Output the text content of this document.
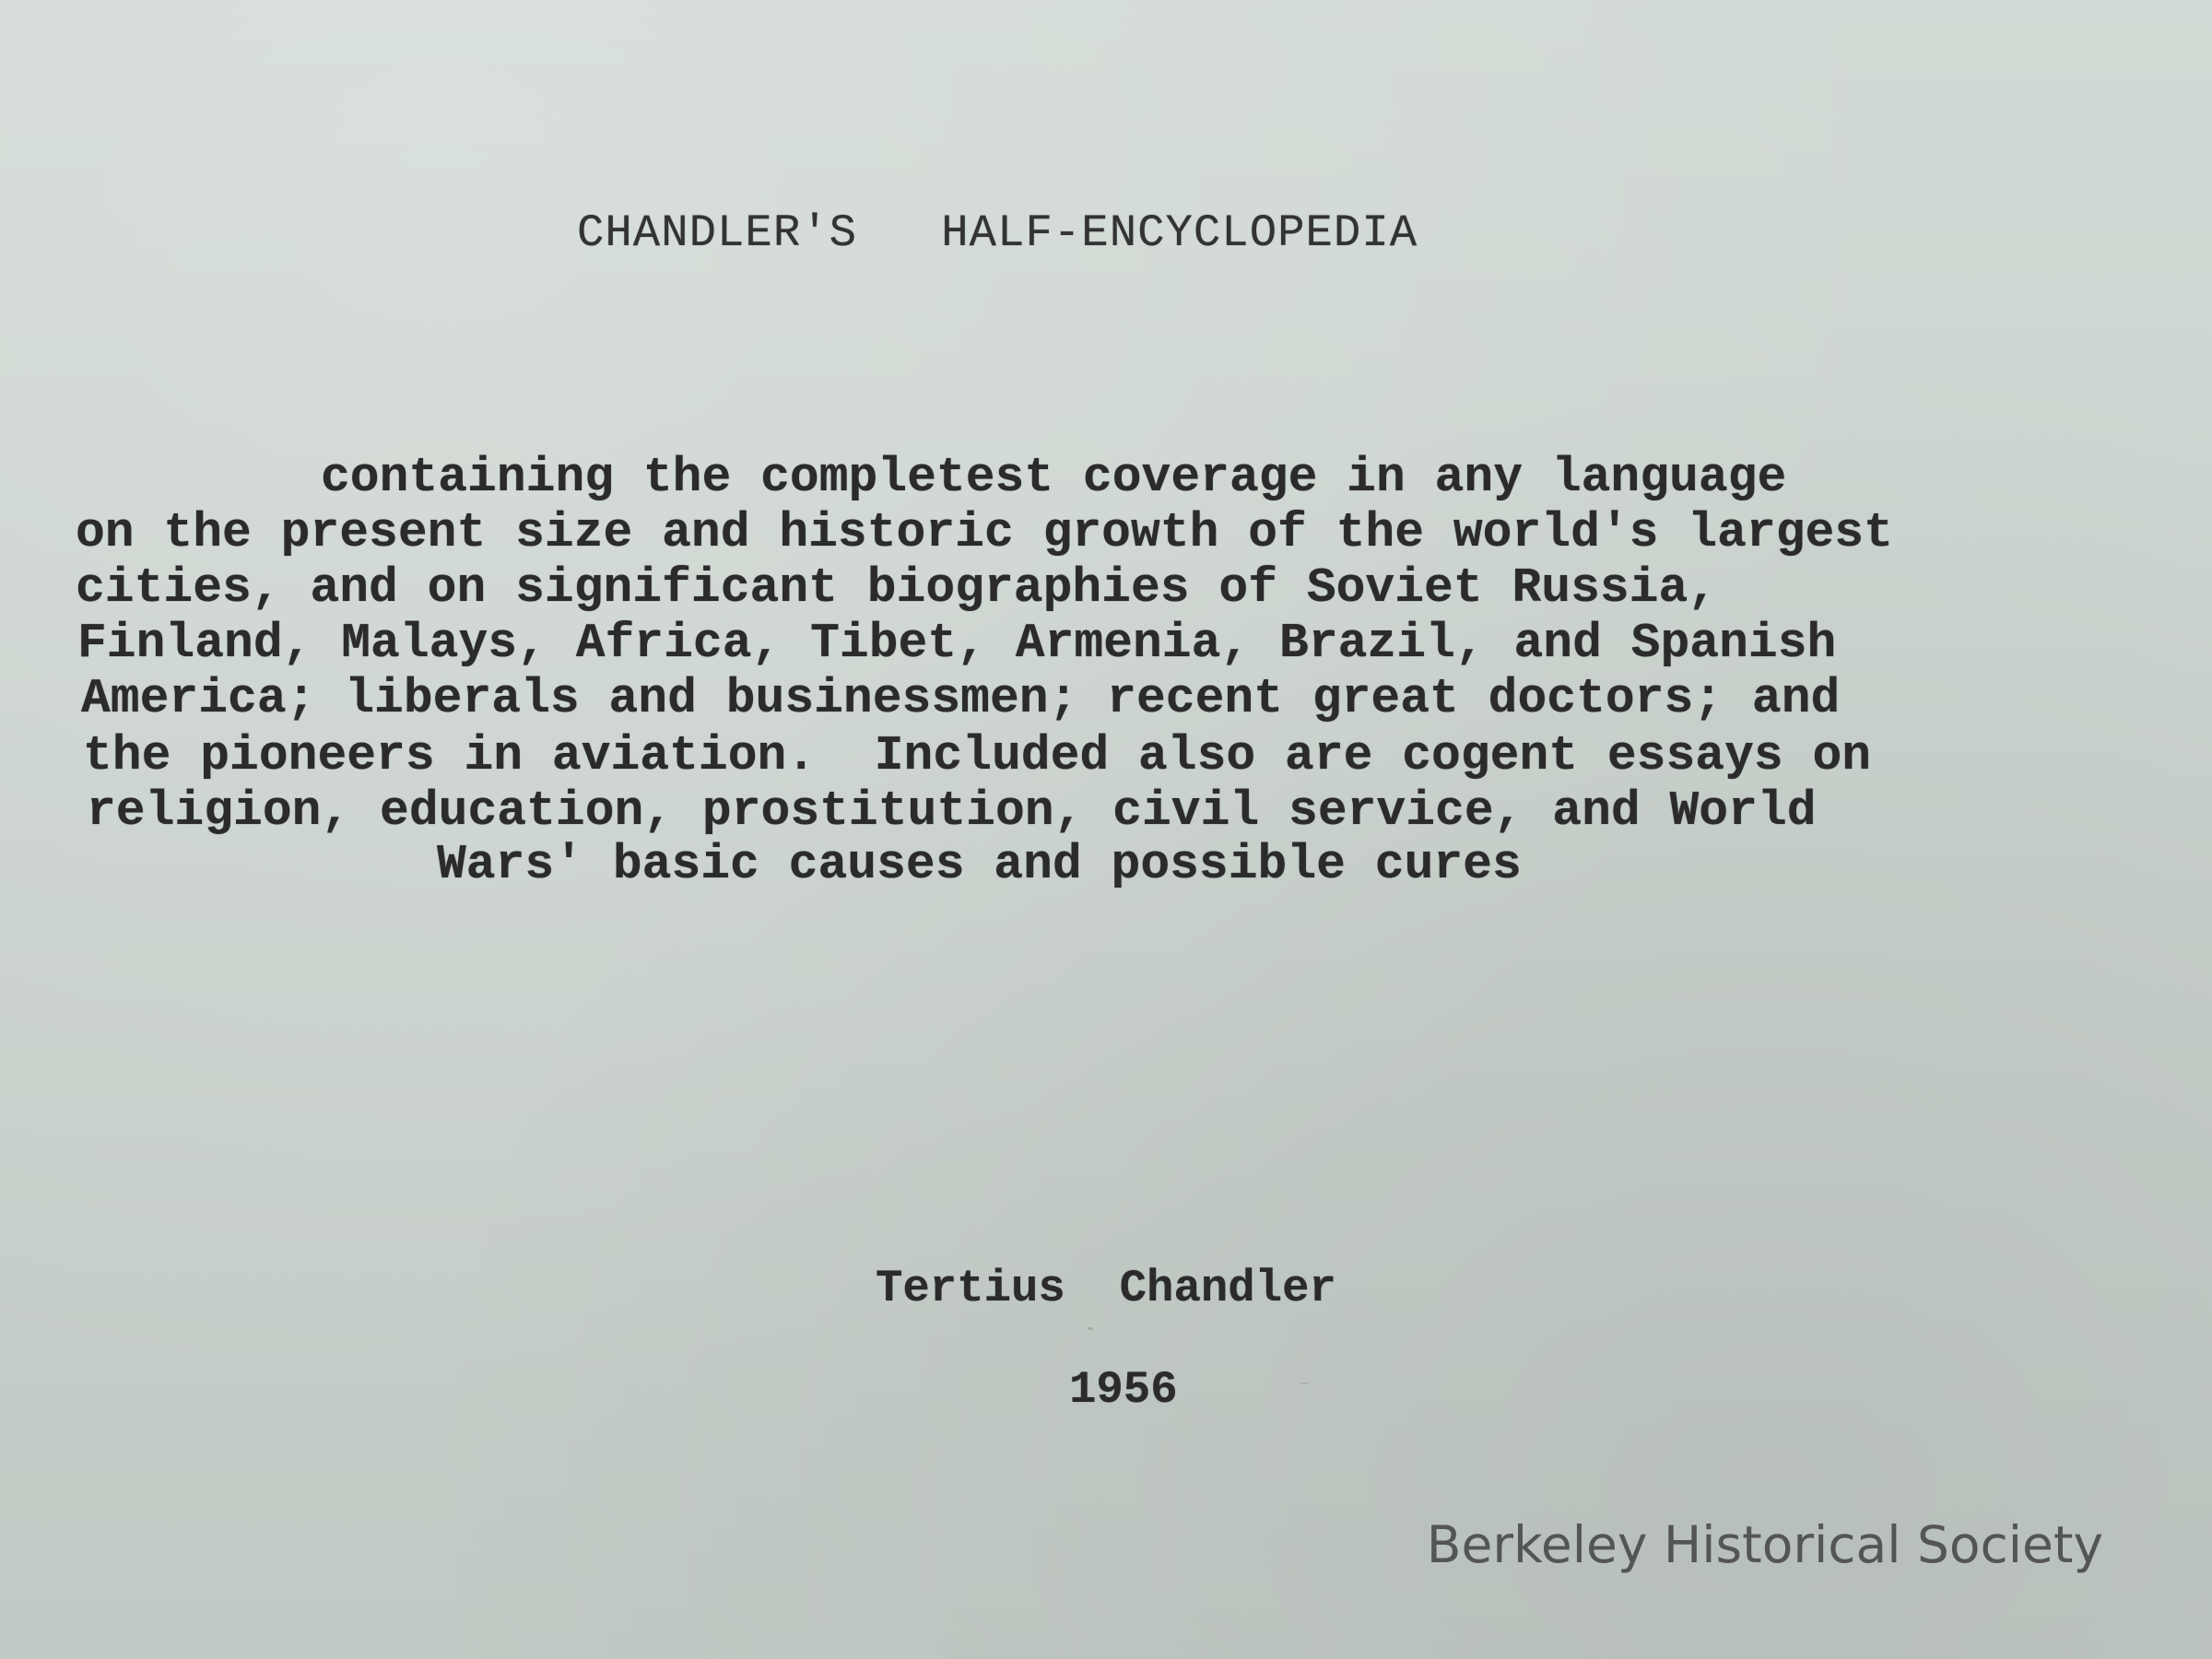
CHANDLER'S   HALF-ENCYCLOPEDIA
containing the completest coverage in any language
on the present size and historic growth of the world's largest
cities, and on significant biographies of Soviet Russia,
Finland, Malays, Africa, Tibet, Armenia, Brazil, and Spanish
America; liberals and businessmen; recent great doctors; and
the pioneers in aviation.  Included also are cogent essays on
religion, education, prostitution, civil service, and World
Wars' basic causes and possible cures
Tertius  Chandler
1956
Berkeley Historical Society
